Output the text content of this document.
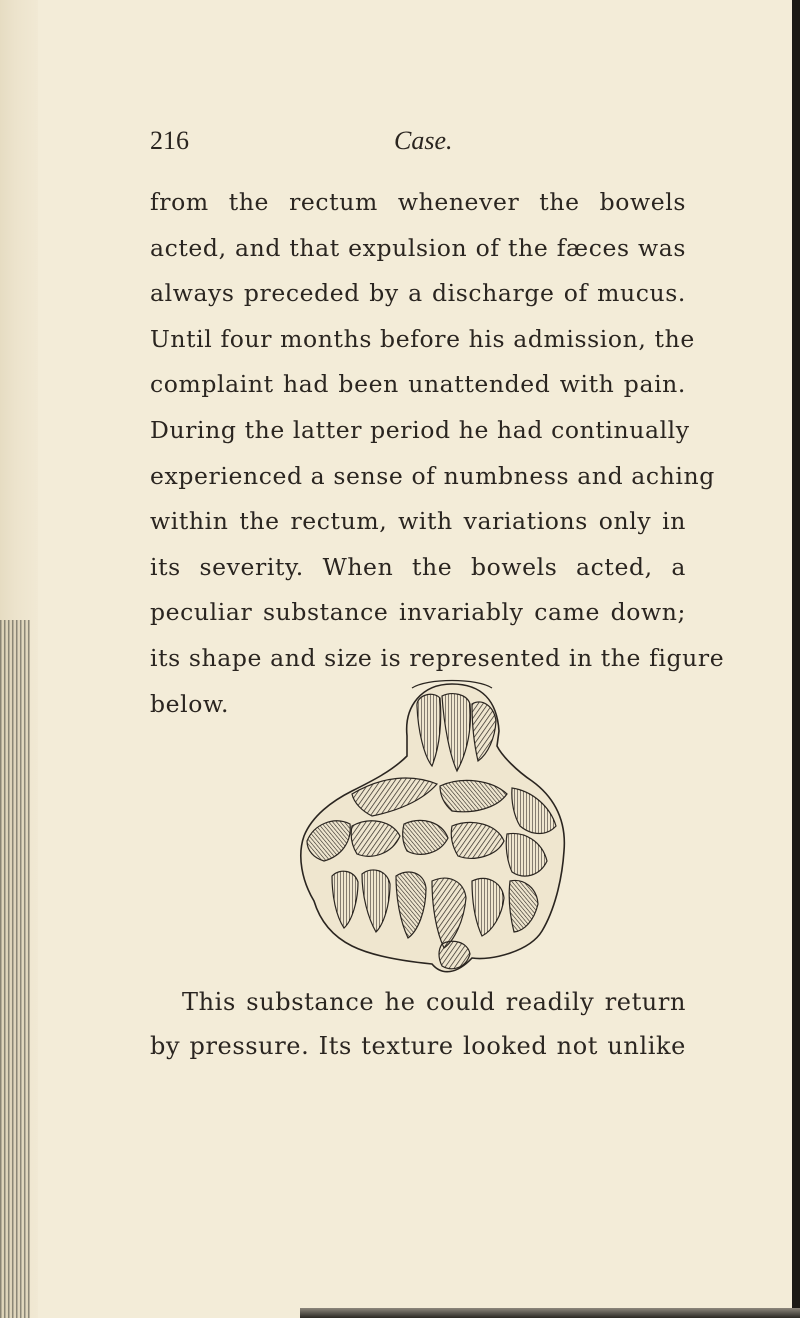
216	Case.
from the rectum whenever the bowels
acted, and that expulsion of the fæces was
always preceded by a discharge of mucus.
Until four months before his admission, the
complaint had been unattended with pain.
During the latter period he had continually
experienced a sense of numbness and aching
within the rectum, with variations only in
its severity. When the bowels acted, a
peculiar substance invariably came down;
its shape and size is represented in the figure
below.
This substance he could readily return
by pressure. Its texture looked not unlike
